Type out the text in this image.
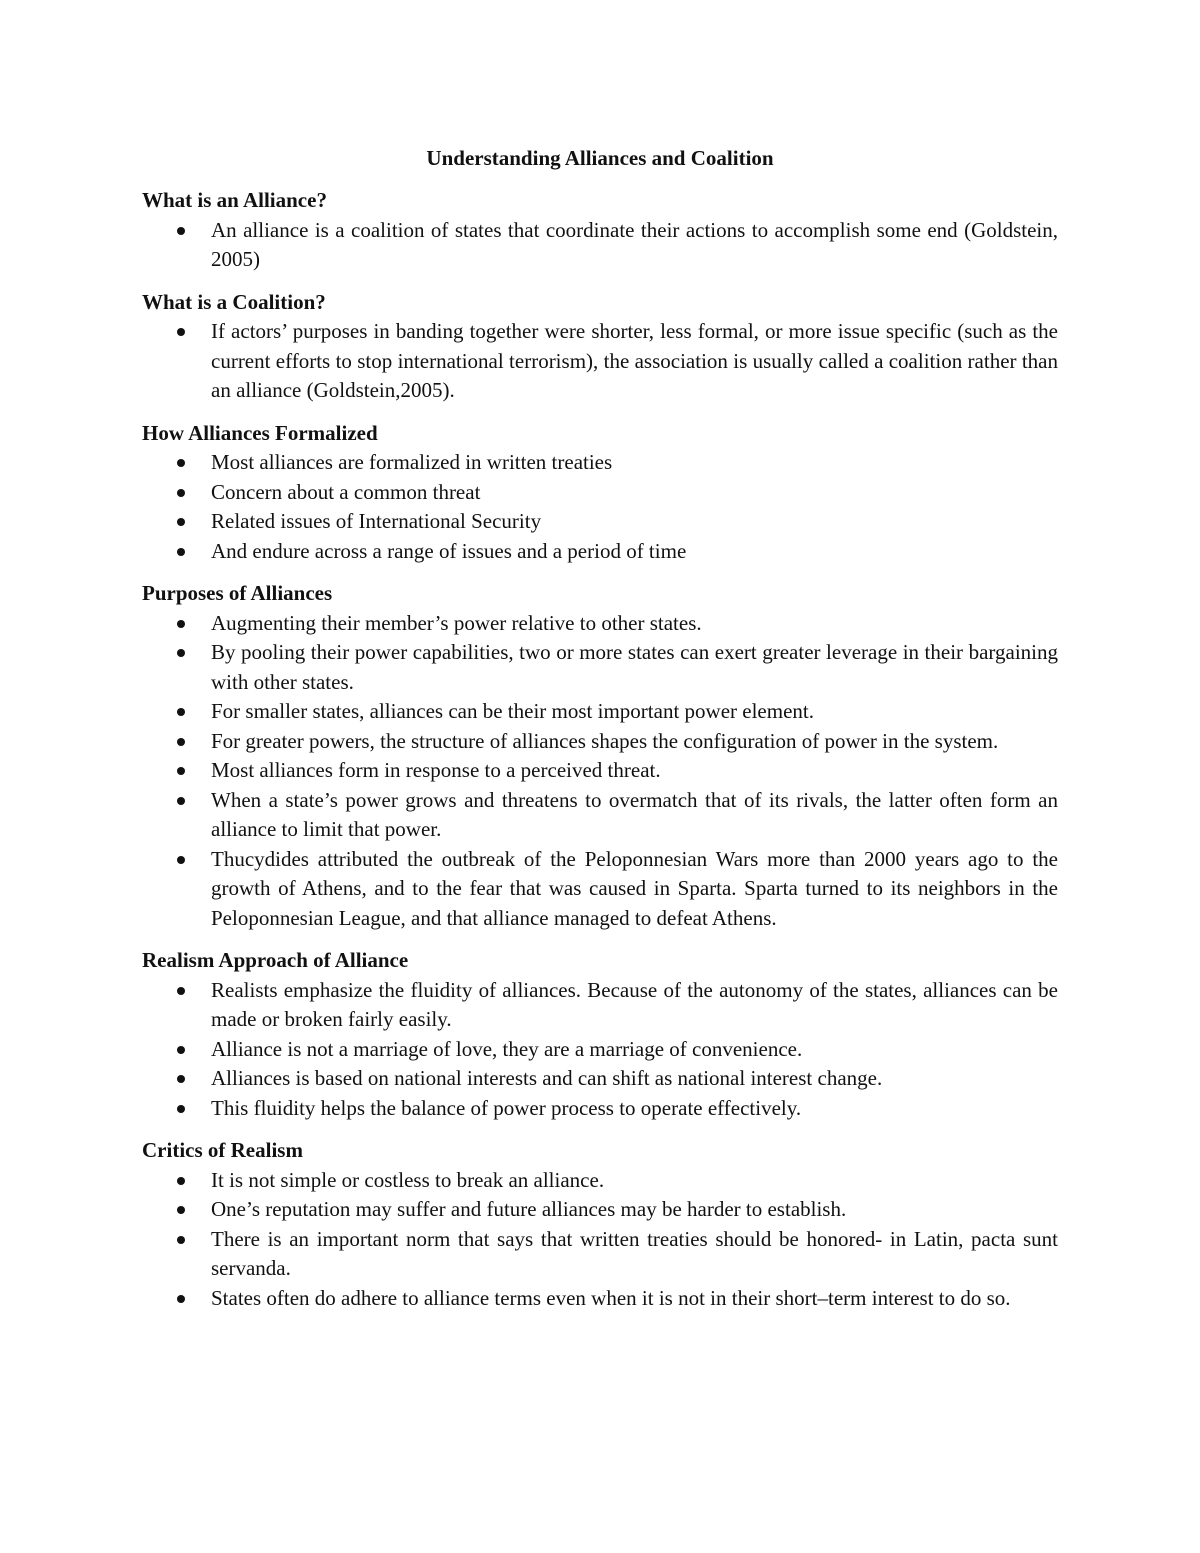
Understanding Alliances and Coalition
What is an Alliance?
An alliance is a coalition of states that coordinate their actions to accomplish some end (Goldstein, 2005)
What is a Coalition?
If actors’ purposes in banding together were shorter, less formal, or more issue specific (such as the current efforts to stop international terrorism), the association is usually called a coalition rather than an alliance (Goldstein,2005).
How Alliances Formalized
Most alliances are formalized in written treaties
Concern about a common threat
Related issues of International Security
And endure across a range of issues and a period of time
Purposes of Alliances
Augmenting their member’s power relative to other states.
By pooling their power capabilities, two or more states can exert greater leverage in their bargaining with other states.
For smaller states, alliances can be their most important power element.
For greater powers, the structure of alliances shapes the configuration of power in the system.
Most alliances form in response to a perceived threat.
When a state’s power grows and threatens to overmatch that of its rivals, the latter often form an alliance to limit that power.
Thucydides attributed the outbreak of the Peloponnesian Wars more than 2000 years ago to the growth of Athens, and to the fear that was caused in Sparta. Sparta turned to its neighbors in the Peloponnesian League, and that alliance managed to defeat Athens.
Realism Approach of Alliance
Realists emphasize the fluidity of alliances. Because of the autonomy of the states, alliances can be made or broken fairly easily.
Alliance is not a marriage of love, they are a marriage of convenience.
Alliances is based on national interests and can shift as national interest change.
This fluidity helps the balance of power process to operate effectively.
Critics of Realism
It is not simple or costless to break an alliance.
One’s reputation may suffer and future alliances may be harder to establish.
There is an important norm that says that written treaties should be honored- in Latin, pacta sunt servanda.
States often do adhere to alliance terms even when it is not in their short–term interest to do so.
